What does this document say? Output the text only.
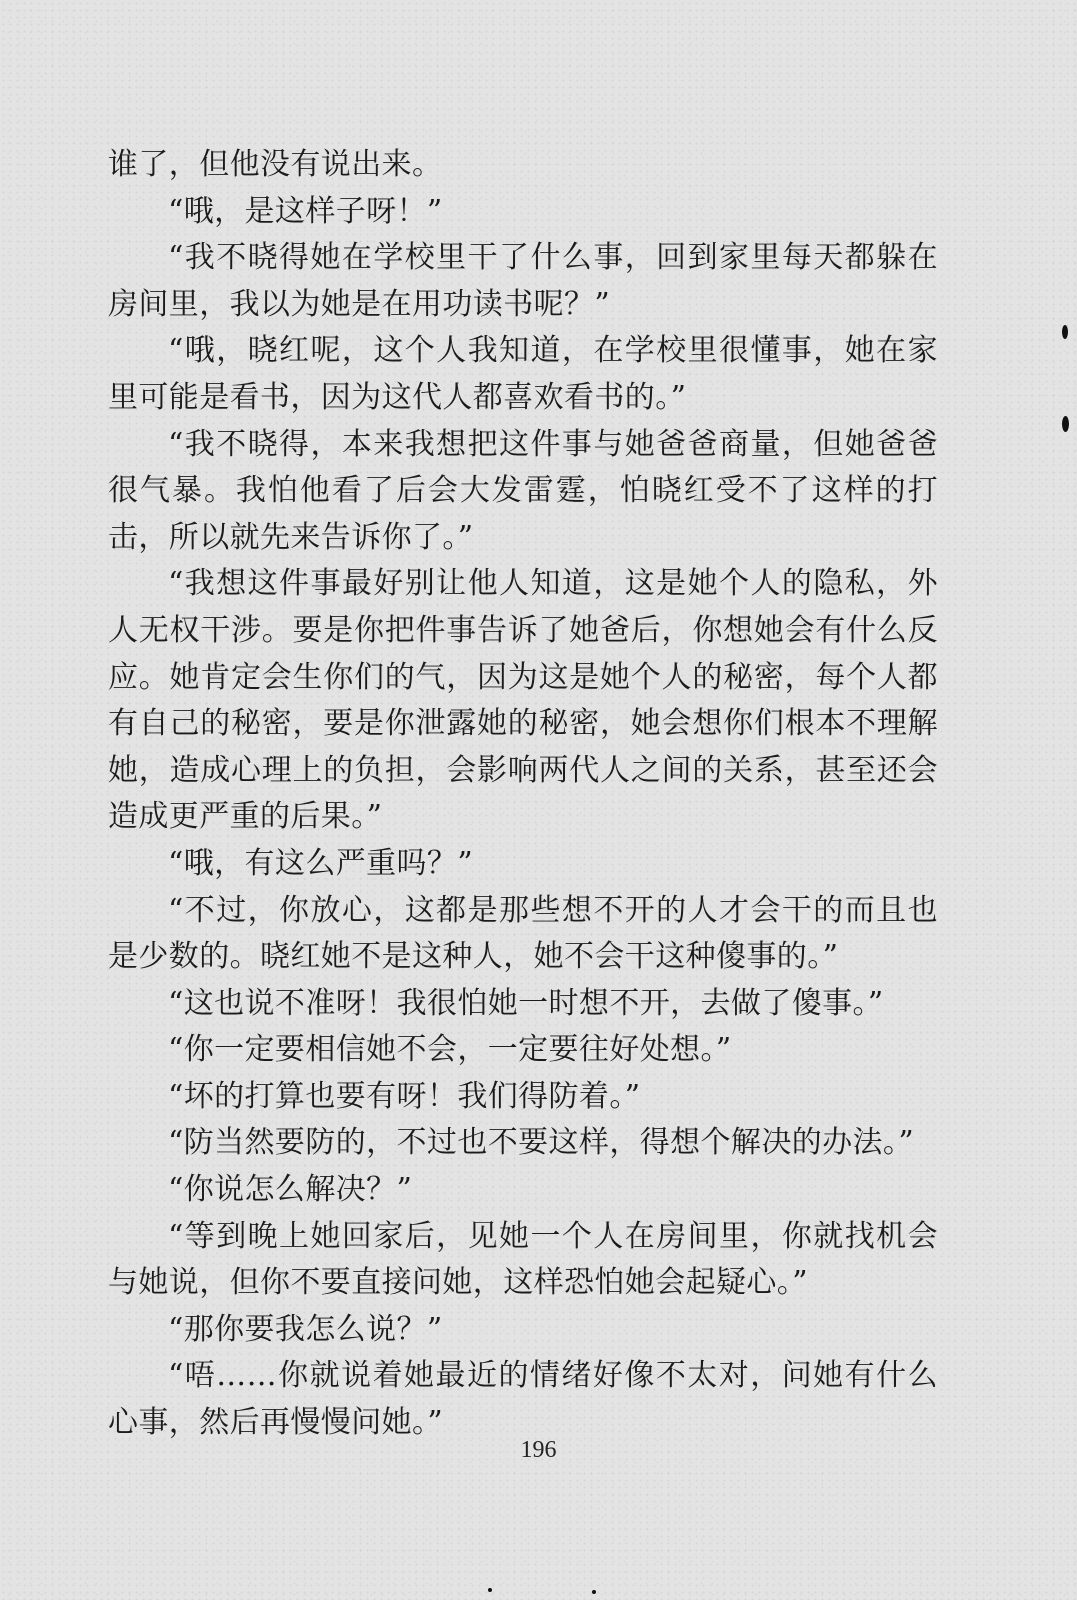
谁了，但他没有说出来。

“哦，是这样子呀！”

“我不晓得她在学校里干了什么事，回到家里每天都躲在房间里，我以为她是在用功读书呢？”

“哦，晓红呢，这个人我知道，在学校里很懂事，她在家里可能是看书，因为这代人都喜欢看书的。”

“我不晓得，本来我想把这件事与她爸爸商量，但她爸爸很气暴。我怕他看了后会大发雷霆，怕晓红受不了这样的打击，所以就先来告诉你了。”

“我想这件事最好别让他人知道，这是她个人的隐私，外人无权干涉。要是你把件事告诉了她爸后，你想她会有什么反应。她肯定会生你们的气，因为这是她个人的秘密，每个人都有自己的秘密，要是你泄露她的秘密，她会想你们根本不理解她，造成心理上的负担，会影响两代人之间的关系，甚至还会造成更严重的后果。”

“哦，有这么严重吗？”

“不过，你放心，这都是那些想不开的人才会干的而且也是少数的。晓红她不是这种人，她不会干这种傻事的。”

“这也说不准呀！我很怕她一时想不开，去做了傻事。”

“你一定要相信她不会，一定要往好处想。”

“坏的打算也要有呀！我们得防着。”

“防当然要防的，不过也不要这样，得想个解决的办法。”

“你说怎么解决？”

“等到晚上她回家后，见她一个人在房间里，你就找机会与她说，但你不要直接问她，这样恐怕她会起疑心。”

“那你要我怎么说？”

“唔……你就说着她最近的情绪好像不太对，问她有什么心事，然后再慢慢问她。”

196
